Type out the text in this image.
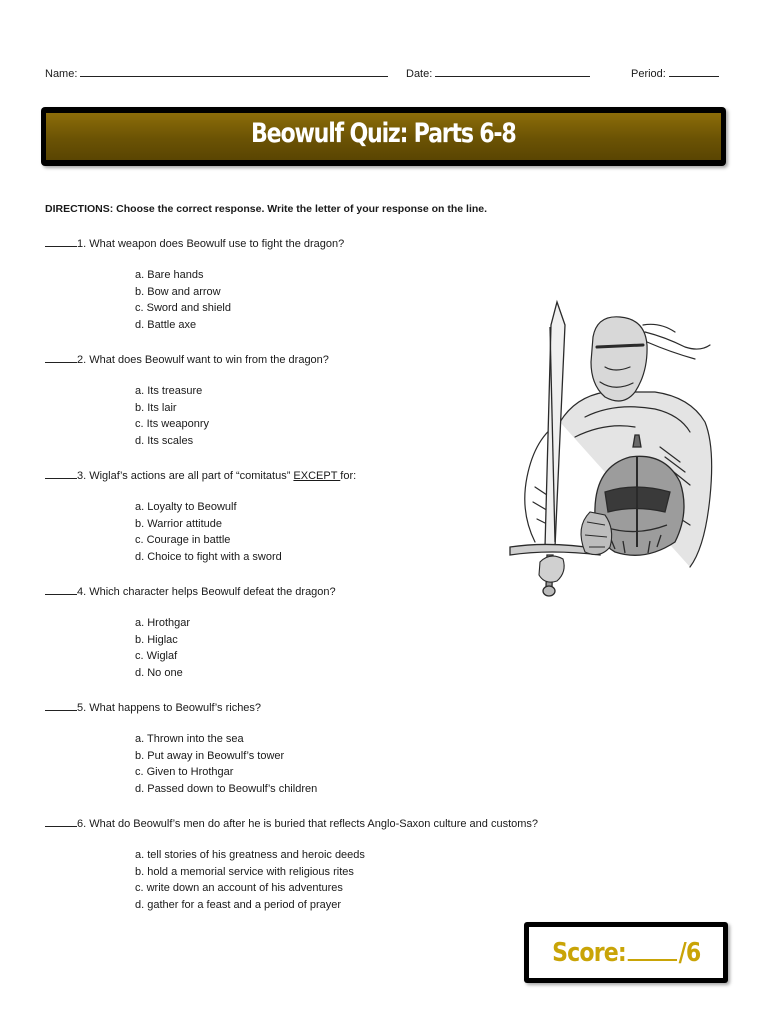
Name:	Date:	Period:
Beowulf Quiz: Parts 6-8
DIRECTIONS: Choose the correct response. Write the letter of your response on the line.
1. What weapon does Beowulf use to fight the dragon?
a. Bare hands
b. Bow and arrow
c. Sword and shield
d. Battle axe
2. What does Beowulf want to win from the dragon?
a. Its treasure
b. Its lair
c. Its weaponry
d. Its scales
3. Wiglaf’s actions are all part of “comitatus” EXCEPT for:
a. Loyalty to Beowulf
b. Warrior attitude
c. Courage in battle
d. Choice to fight with a sword
4. Which character helps Beowulf defeat the dragon?
a. Hrothgar
b. Higlac
c. Wiglaf
d. No one
5. What happens to Beowulf’s riches?
a. Thrown into the sea
b. Put away in Beowulf’s tower
c. Given to Hrothgar
d. Passed down to Beowulf’s children
6. What do Beowulf’s men do after he is buried that reflects Anglo-Saxon culture and customs?
a. tell stories of his greatness and heroic deeds
b. hold a memorial service with religious rites
c. write down an account of his adventures
d. gather for a feast and a period of prayer
Score: /6
